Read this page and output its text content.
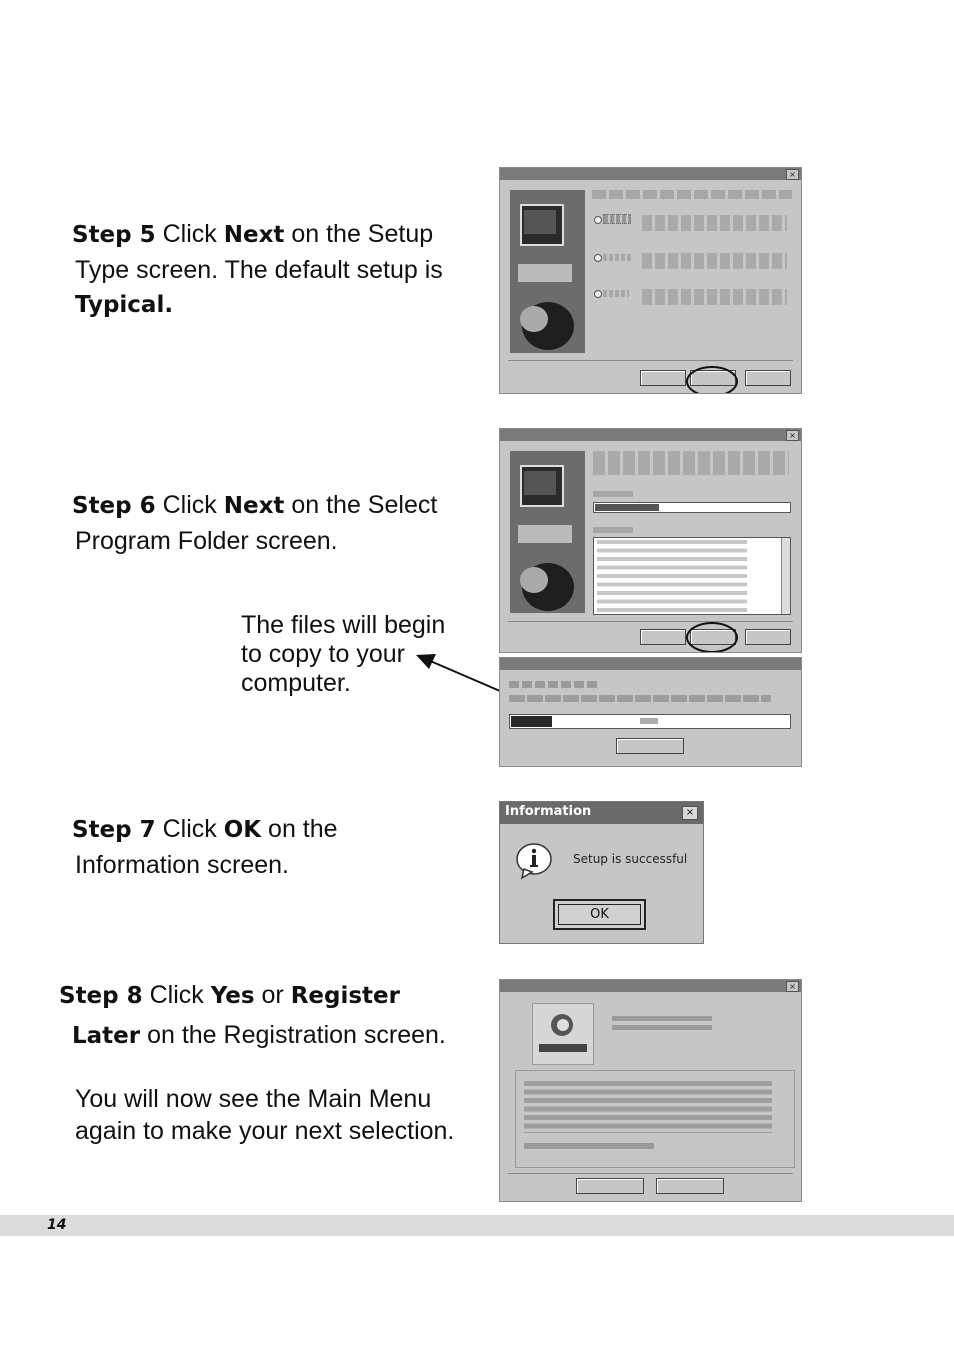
Step 5 Click Next on the Setup
Type screen. The default setup is
Typical.
×
Step 6 Click Next on the Select
Program Folder screen.
×
The files will begin
to copy to your
computer.
Step 7 Click OK on the
Information screen.
Information	×
Setup is successful
OK
Step 8 Click Yes or Register
Later on the Registration screen.
You will now see the Main Menu
again to make your next selection.
×
14
